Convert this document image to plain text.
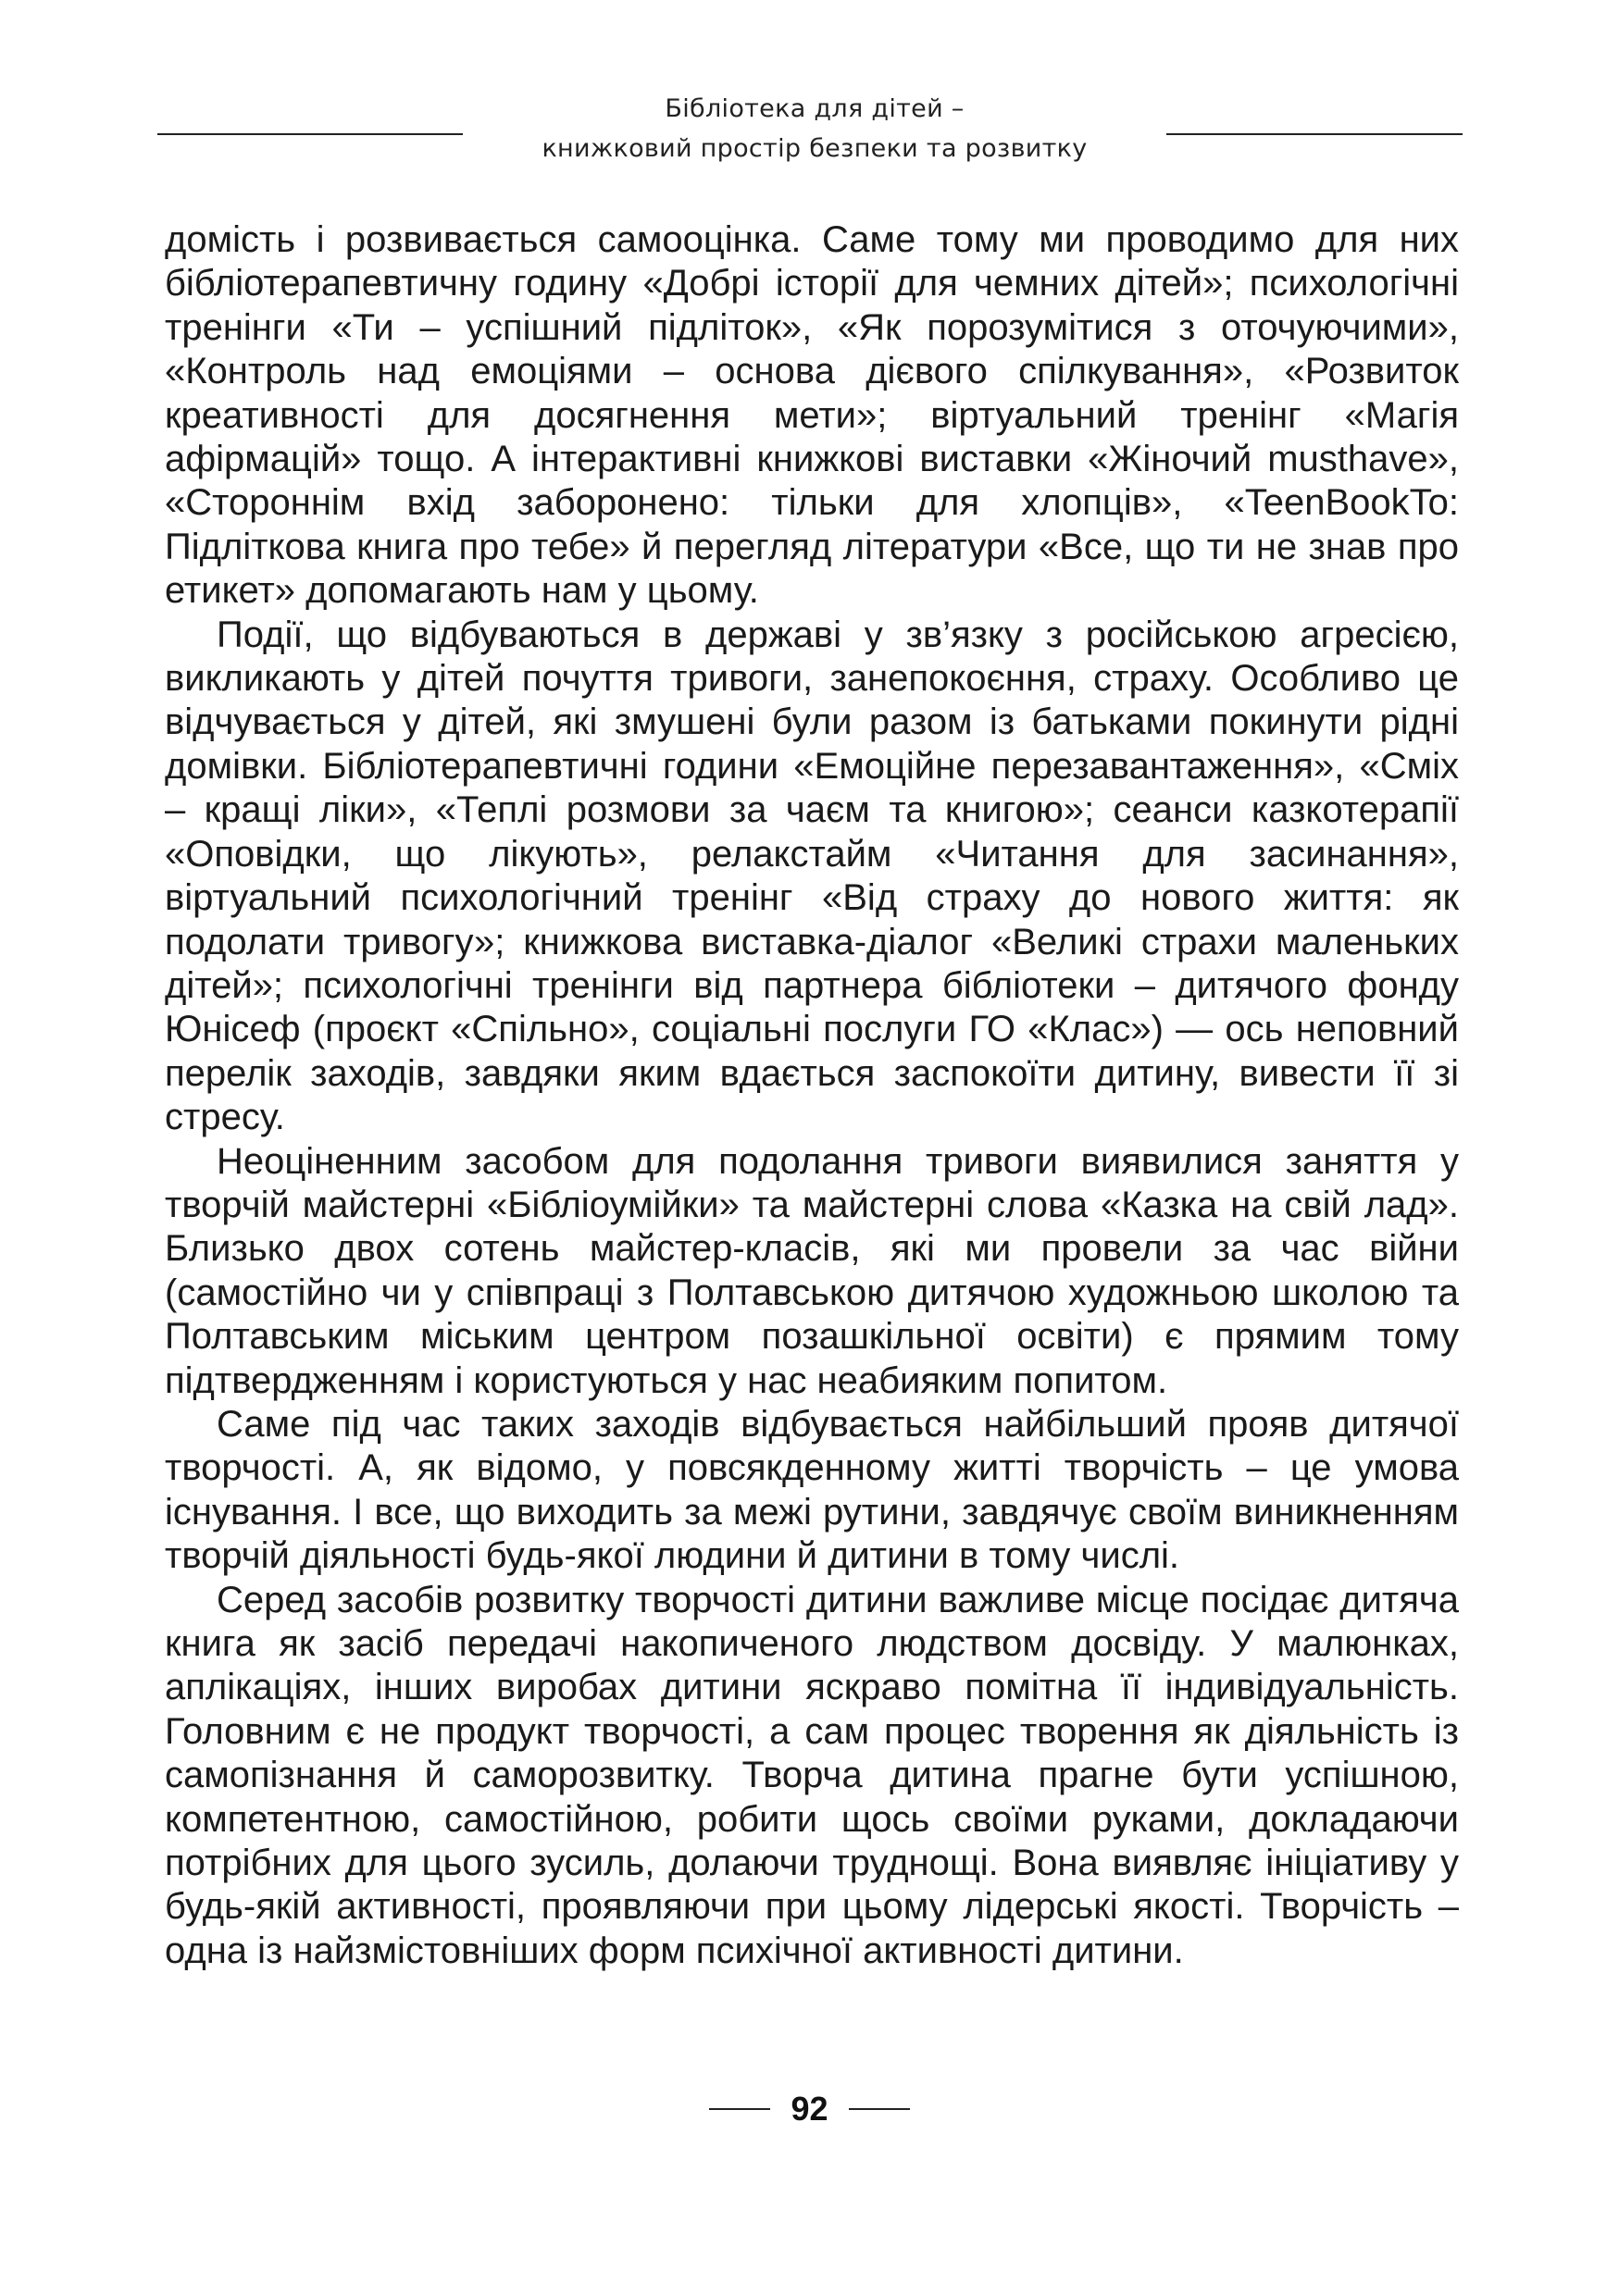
Бібліотека для дітей –
книжковий простір безпеки та розвитку

домість і розвивається самооцінка. Саме тому ми проводимо для них бібліотерапевтичну годину «Добрі історії для чемних дітей»; психологічні тренінги «Ти – успішний підліток», «Як порозумітися з оточуючими», «Контроль над емоціями – основа дієвого спілкування», «Розвиток креативності для досягнення мети»; віртуальний тренінг «Магія афірмацій» тощо. А інтерактивні книжкові виставки «Жіночий musthave», «Стороннім вхід заборонено: тільки для хлопців», «TeenBookTo: Підліткова книга про тебе» й перегляд літератури «Все, що ти не знав про етикет» допомагають нам у цьому.

Події, що відбуваються в державі у зв’язку з російською агресією, викликають у дітей почуття тривоги, занепокоєння, страху. Особливо це відчувається у дітей, які змушені були разом із батьками покинути рідні домівки. Бібліотерапевтичні години «Емоційне перезавантаження», «Сміх – кращі ліки», «Теплі розмови за чаєм та книгою»; сеанси казкотерапії «Оповідки, що лікують», релакстайм «Читання для засинання», віртуальний психологічний тренінг «Від страху до нового життя: як подолати тривогу»; книжкова виставка-діалог «Великі страхи маленьких дітей»; психологічні тренінги від партнера бібліотеки – дитячого фонду Юнісеф (проєкт «Спільно», соціальні послуги ГО «Клас») — ось неповний перелік заходів, завдяки яким вдається заспокоїти дитину, вивести її зі стресу.

Неоціненним засобом для подолання тривоги виявилися заняття у творчій майстерні «Бібліоумійки» та майстерні слова «Казка на свій лад». Близько двох сотень майстер-класів, які ми провели за час війни (самостійно чи у співпраці з Полтавською дитячою художньою школою та Полтавським міським центром позашкільної освіти) є прямим тому підтвердженням і користуються у нас неабияким попитом.

Саме під час таких заходів відбувається найбільший прояв дитячої творчості. А, як відомо, у повсякденному житті творчість – це умова існування. І все, що виходить за межі рутини, завдячує своїм виникненням творчій діяльності будь-якої людини й дитини в тому числі.

Серед засобів розвитку творчості дитини важливе місце посідає дитяча книга як засіб передачі накопиченого людством досвіду. У малюнках, аплікаціях, інших виробах дитини яскраво помітна її індивідуальність. Головним є не продукт творчості, а сам процес творення як діяльність із самопізнання й саморозвитку. Творча дитина прагне бути успішною, компетентною, самостійною, робити щось своїми руками, докладаючи потрібних для цього зусиль, долаючи труднощі. Вона виявляє ініціативу у будь-якій активності, проявляючи при цьому лідерські якості. Творчість – одна із найзмістовніших форм психічної активності дитини.

92
